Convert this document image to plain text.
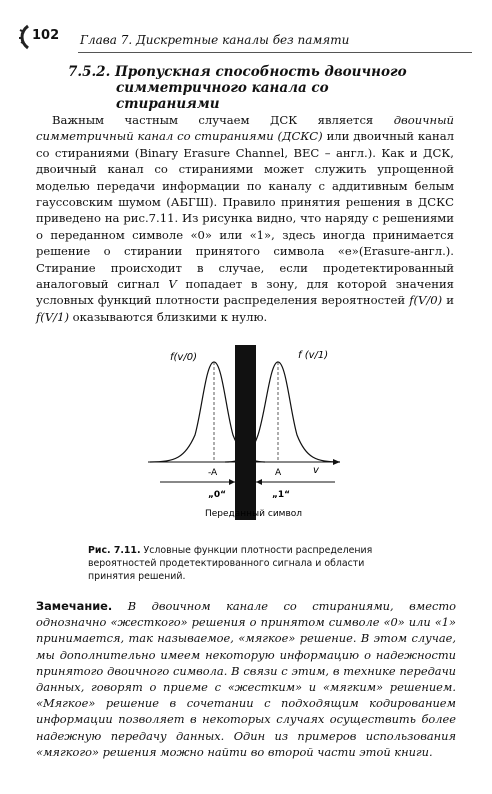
102 Глава 7. Дискретные каналы без памяти
7.5.2. Пропускная способность двоичного
симметричного канала со стираниями
Важным частным случаем ДСК является двоичный симметричный канал со стираниями (ДСКС) или двоичный канал со стираниями (Binary Erasure Channel, BEC – англ.). Как и ДСК, двоичный канал со стираниями может служить упрощенной моделью передачи информации по каналу с аддитивным белым гауссовским шумом (АБГШ). Правило принятия решения в ДСКС приведено на рис.7.11. Из рисунка видно, что наряду с решениями о переданном символе «0» или «1», здесь иногда принимается решение о стирании принятого символа «е»(Erasure-англ.). Стирание происходит в случае, если продетектированный аналоговый сигнал V попадает в зону, для которой значения условных функций плотности распределения вероятностей f(V/0) и f(V/1) оказываются близкими к нулю.
f(v/0)	f (v/1)
-A	A	v
„0“	„1“
Переданный символ
Рис. 7.11. Условные функции плотности распределения вероятностей продетектированного сигнала и области принятия решений.
Замечание. В двоичном канале со стираниями, вместо однозначно «жесткого» решения о принятом символе «0» или «1» принимается, так называемое, «мягкое» решение. В этом случае, мы дополнительно имеем некоторую информацию о надежности принятого двоичного символа. В связи с этим, в технике передачи данных, говорят о приеме с «жестким» и «мягким» решением. «Мягкое» решение в сочетании с подходящим кодированием информации позволяет в некоторых случаях осуществить более надежную передачу данных. Один из примеров использования «мягкого» решения можно найти во второй части этой книги.
